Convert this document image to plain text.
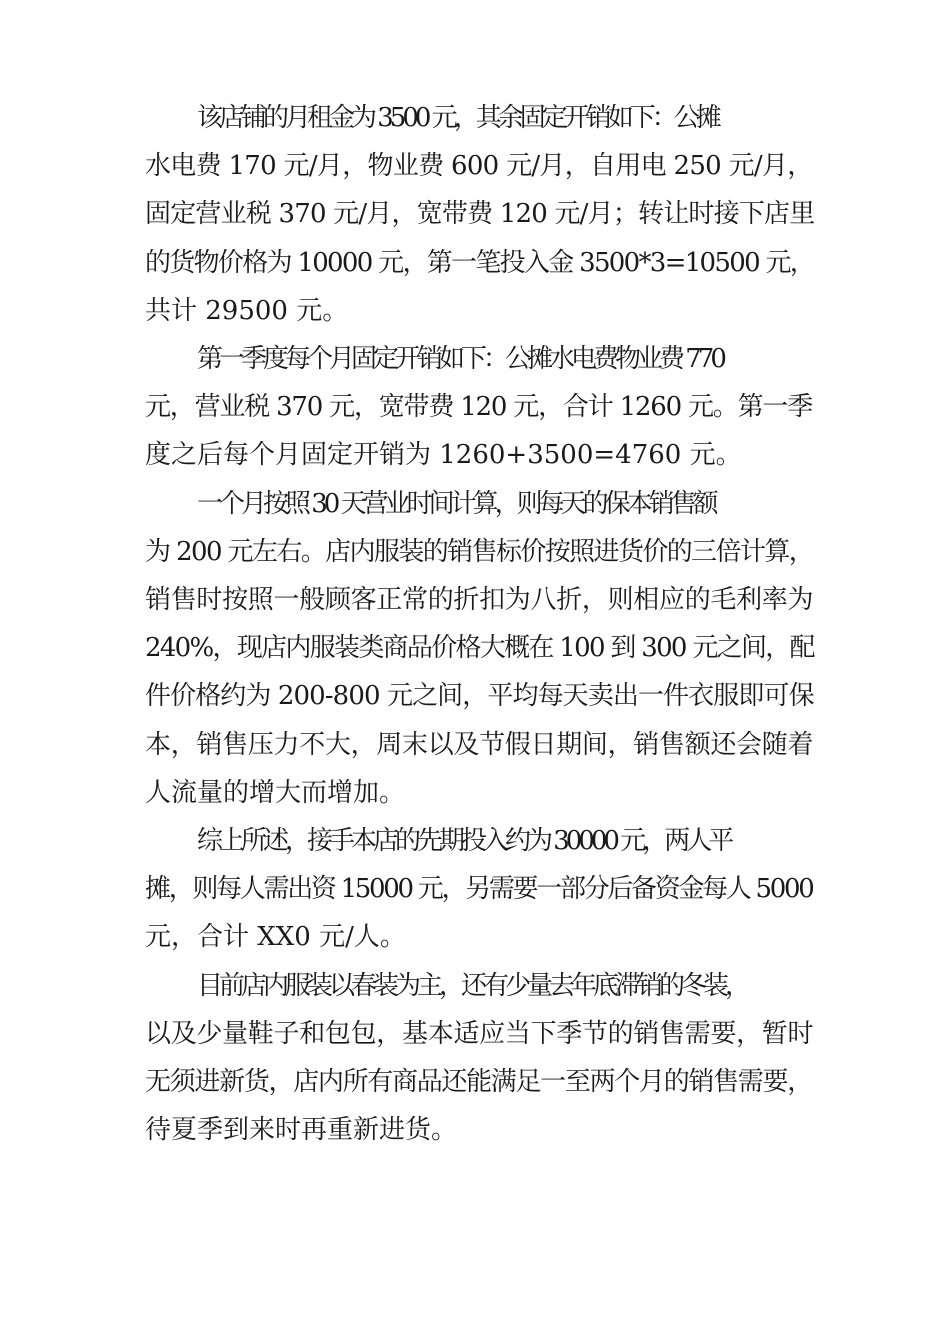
该店铺的月租金为 3500 元，其余固定开销如下：公摊
水电费 170 元/月，物业费 600 元/月，自用电 250 元/月，
固定营业税 370 元/月，宽带费 120 元/月；转让时接下店里
的货物价格为 10000 元，第一笔投入金 3500*3=10500 元，
共计 29500 元。

第一季度每个月固定开销如下：公摊水电费物业费 770
元，营业税 370 元，宽带费 120 元，合计 1260 元。第一季
度之后每个月固定开销为 1260+3500=4760 元。

一个月按照 30 天营业时间计算，则每天的保本销售额
为 200 元左右。店内服装的销售标价按照进货价的三倍计算，
销售时按照一般顾客正常的折扣为八折，则相应的毛利率为
240%，现店内服装类商品价格大概在 100 到 300 元之间，配
件价格约为 200-800 元之间，平均每天卖出一件衣服即可保
本，销售压力不大，周末以及节假日期间，销售额还会随着
人流量的增大而增加。

综上所述，接手本店的先期投入约为 30000 元，两人平
摊，则每人需出资 15000 元，另需要一部分后备资金每人 5000
元，合计 XX0 元/人。

目前店内服装以春装为主，还有少量去年底滞销的冬装，
以及少量鞋子和包包，基本适应当下季节的销售需要，暂时
无须进新货，店内所有商品还能满足一至两个月的销售需要，
待夏季到来时再重新进货。
